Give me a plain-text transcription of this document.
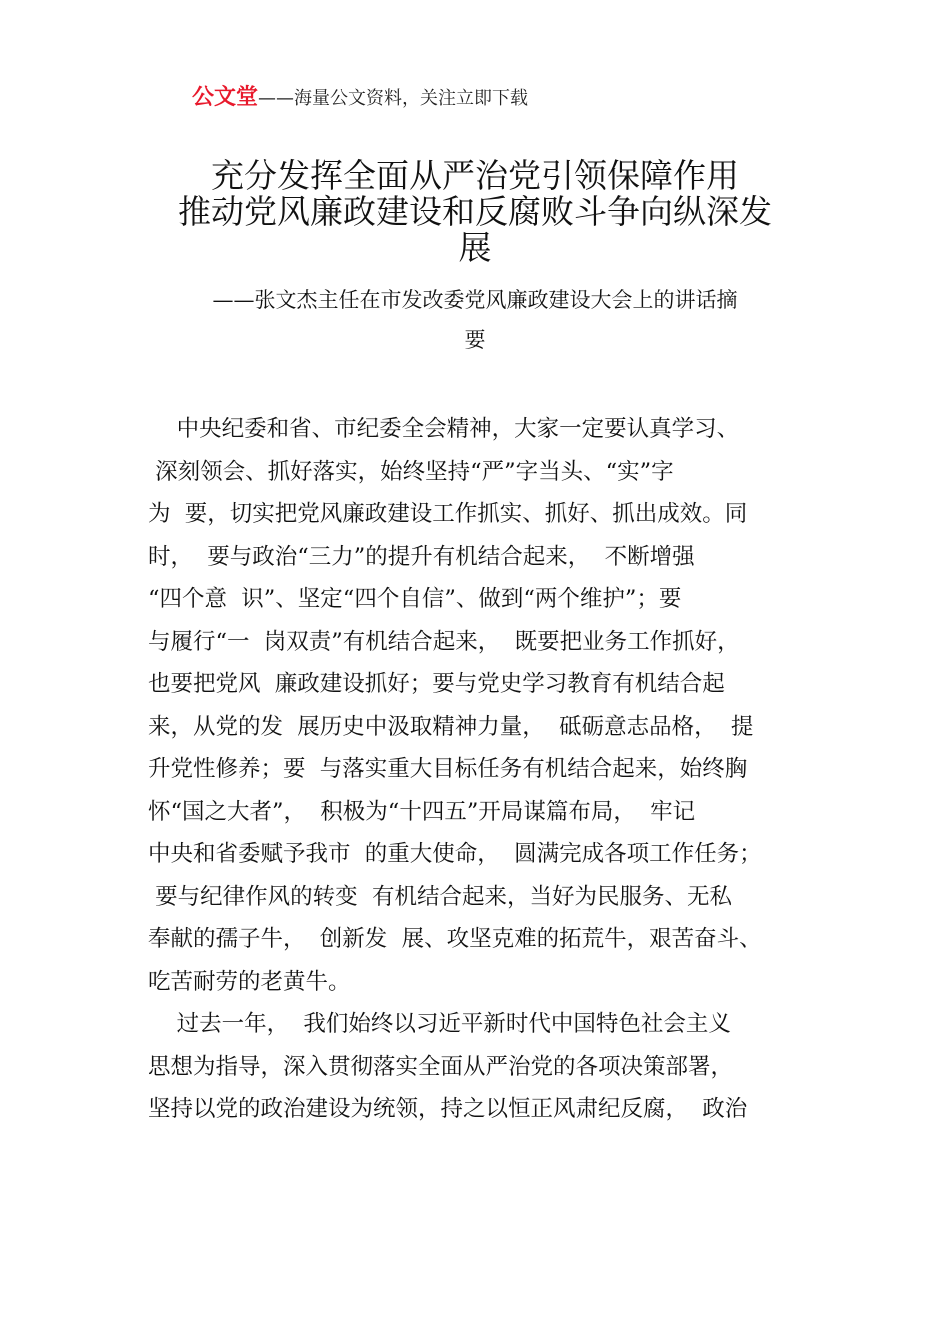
公文堂——海量公文资料，关注立即下载
充分发挥全面从严治党引领保障作用
推动党风廉政建设和反腐败斗争向纵深发
展
——张文杰主任在市发改委党风廉政建设大会上的讲话摘
要
中央纪委和省、市纪委全会精神，大家一定要认真学习、
深刻领会、抓好落实，始终坚持“严”字当头、“实”字
为  要，切实把党风廉政建设工作抓实、抓好、抓出成效。同
时，  要与政治“三力”的提升有机结合起来，  不断增强
“四个意  识”、坚定“四个自信”、做到“两个维护”；要
与履行“一  岗双责”有机结合起来，  既要把业务工作抓好，
也要把党风  廉政建设抓好；要与党史学习教育有机结合起
来，从党的发  展历史中汲取精神力量，  砥砺意志品格，  提
升党性修养；要  与落实重大目标任务有机结合起来，始终胸
怀“国之大者”，  积极为“十四五”开局谋篇布局，  牢记
中央和省委赋予我市  的重大使命，  圆满完成各项工作任务；
要与纪律作风的转变  有机结合起来，当好为民服务、无私
奉献的孺子牛，  创新发  展、攻坚克难的拓荒牛，艰苦奋斗、
吃苦耐劳的老黄牛。
过去一年，  我们始终以习近平新时代中国特色社会主义
思想为指导，深入贯彻落实全面从严治党的各项决策部署，
坚持以党的政治建设为统领，持之以恒正风肃纪反腐，  政治
